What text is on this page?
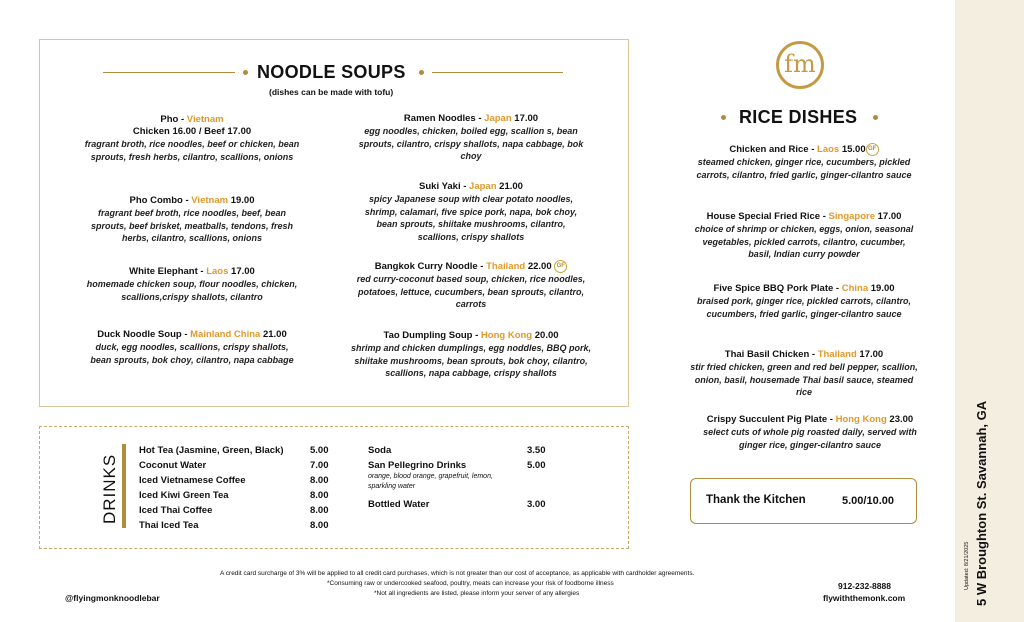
NOODLE SOUPS
(dishes can be made with tofu)
Pho - Vietnam
Chicken 16.00 / Beef 17.00
fragrant broth, rice noodles, beef or chicken, bean sprouts, fresh herbs, cilantro, scallions, onions
Pho Combo - Vietnam 19.00
fragrant beef broth, rice noodles, beef, bean sprouts, beef brisket, meatballs, tendons, fresh herbs, cilantro, scallions, onions
White Elephant - Laos 17.00
homemade chicken soup, flour noodles, chicken, scallions,crispy shallots, cilantro
Duck Noodle Soup - Mainland China 21.00
duck, egg noodles, scallions, crispy shallots, bean sprouts, bok choy, cilantro, napa cabbage
Ramen Noodles - Japan 17.00
egg noodles, chicken, boiled egg, scallion s, bean sprouts, cilantro, crispy shallots, napa cabbage, bok choy
Suki Yaki - Japan 21.00
spicy Japanese soup with clear potato noodles, shrimp, calamari, five spice pork, napa, bok choy, bean sprouts, shiitake mushrooms, cilantro, scallions, crispy shallots
Bangkok Curry Noodle - Thailand 22.00 GF
red curry-coconut based soup, chicken, rice noodles, potatoes, lettuce, cucumbers, bean sprouts, cilantro, carrots
Tao Dumpling Soup - Hong Kong 20.00
shrimp and chicken dumplings, egg noddles, BBQ pork, shiitake mushrooms, bean sprouts, bok choy, cilantro, scallions, napa cabbage, crispy shallots
DRINKS
Hot Tea (Jasmine, Green, Black)	5.00
Coconut Water	7.00
Iced Vietnamese Coffee	8.00
Iced Kiwi Green Tea	8.00
Iced Thai Coffee	8.00
Thai Iced Tea	8.00
Soda	3.50
San Pellegrino Drinks	5.00
orange, blood orange, grapefruit, lemon, sparkling water
Bottled Water	3.00
fm
RICE DISHES
Chicken and Rice - Laos 15.00 GF
steamed chicken, ginger rice, cucumbers, pickled carrots, cilantro, fried garlic, ginger-cilantro sauce
House Special Fried Rice - Singapore 17.00
choice of shrimp or chicken, eggs, onion, seasonal vegetables, pickled carrots, cilantro, cucumber, basil, Indian curry powder
Five Spice BBQ Pork Plate - China 19.00
braised pork, ginger rice, pickled carrots, cilantro, cucumbers, fried garlic, ginger-cilantro sauce
Thai Basil Chicken - Thailand 17.00
stir fried chicken, green and red bell pepper, scallion, onion, basil, housemade Thai basil sauce, steamed rice
Crispy Succulent Pig Plate - Hong Kong 23.00
select cuts of whole pig roasted daily, served with ginger rice, ginger-cilantro sauce
Thank the Kitchen	5.00/10.00
A credit card surcharge of 3% will be applied to all credit card purchases, which is not greater than our cost of acceptance, as applicable with cardholder agreements.
*Consuming raw or undercooked seafood, poultry, meats can increase your risk of foodborne illness
*Not all ingredients are listed, please inform your server of any allergies
@flyingmonknoodlebar
912-232-8888
flywiththemonk.com
Updated: 8/21/2025 5 W Broughton St. Savannah, GA
